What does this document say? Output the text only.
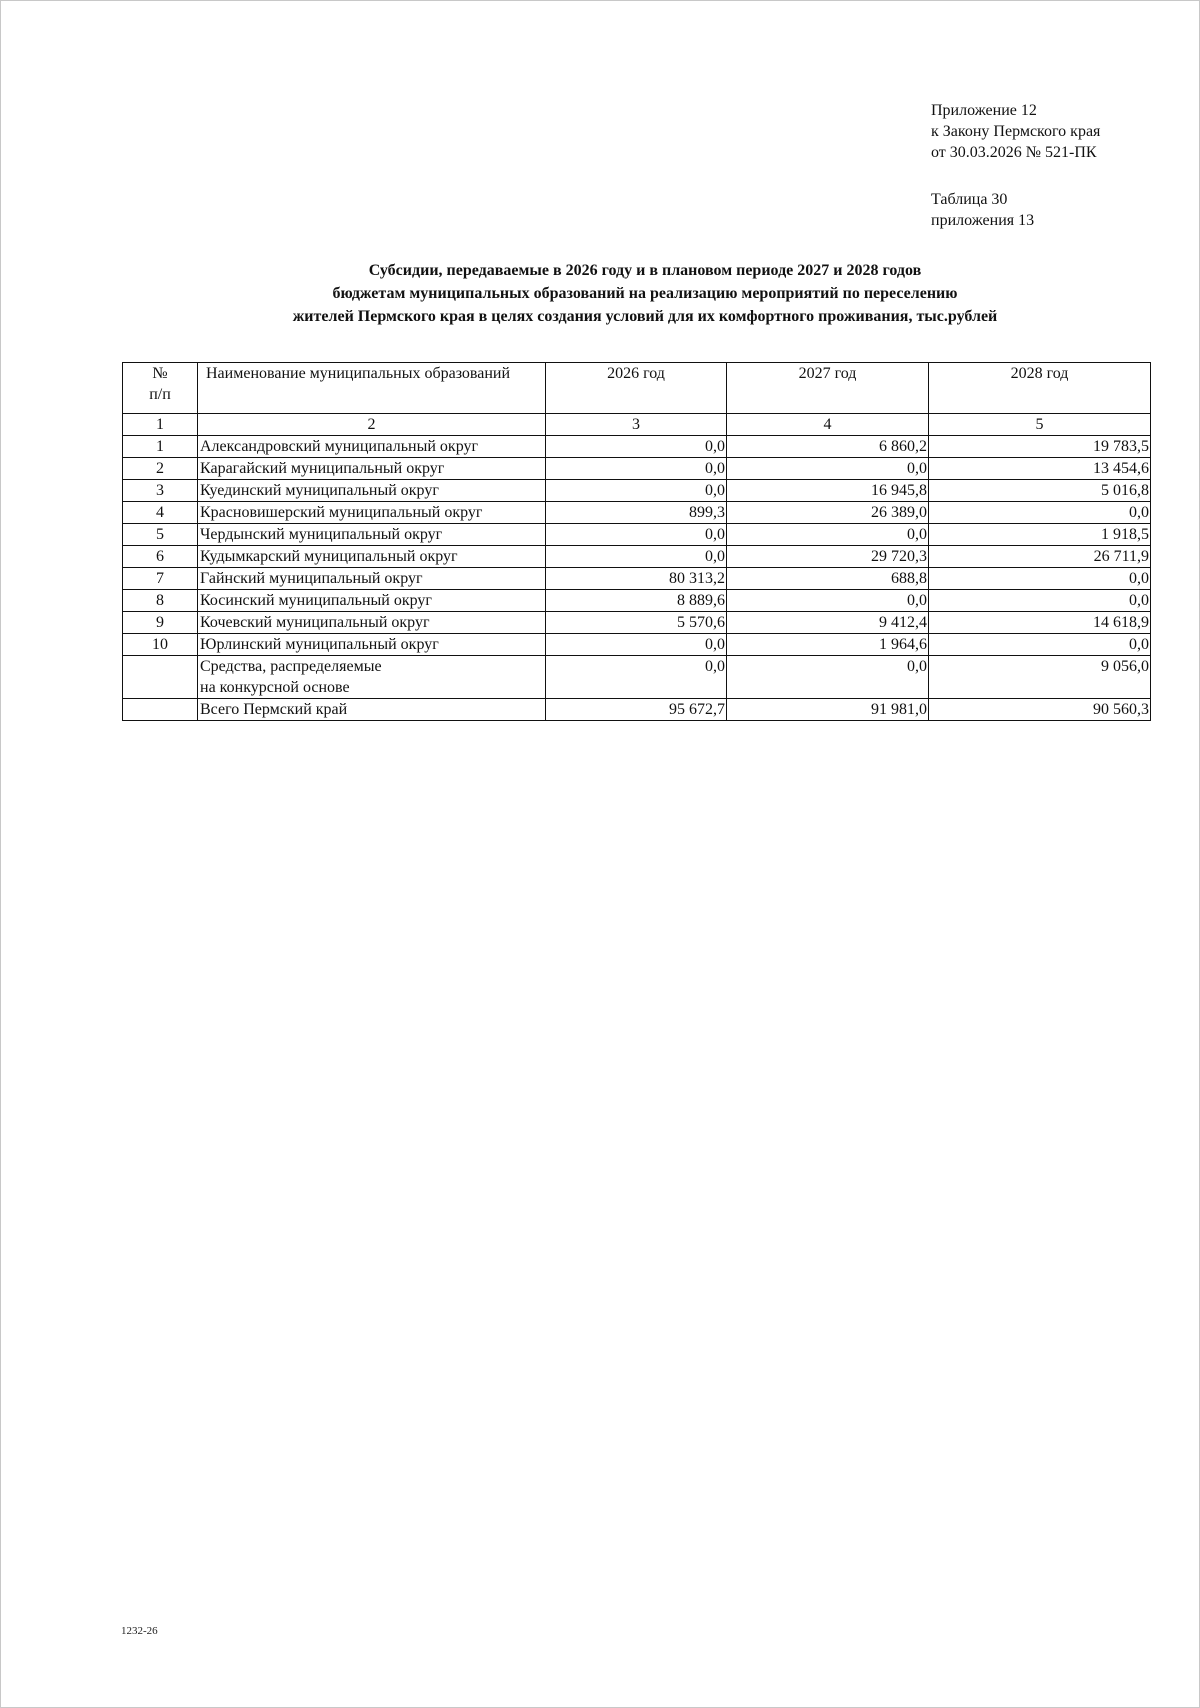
Приложение 12
к Закону Пермского края
от 30.03.2026 № 521-ПК
Таблица 30
приложения 13
Субсидии, передаваемые в 2026 году и в плановом периоде 2027 и 2028 годов
бюджетам муниципальных образований на реализацию мероприятий по переселению
жителей Пермского края в целях создания условий для их комфортного проживания, тыс.рублей
№
п/п	Наименование муниципальных образований	2026 год	2027 год	2028 год
1	2	3	4	5
1	Александровский муниципальный округ	0,0	6 860,2	19 783,5
2	Карагайский муниципальный округ	0,0	0,0	13 454,6
3	Куединский муниципальный округ	0,0	16 945,8	5 016,8
4	Красновишерский муниципальный округ	899,3	26 389,0	0,0
5	Чердынский муниципальный округ	0,0	0,0	1 918,5
6	Кудымкарский муниципальный округ	0,0	29 720,3	26 711,9
7	Гайнский муниципальный округ	80 313,2	688,8	0,0
8	Косинский муниципальный округ	8 889,6	0,0	0,0
9	Кочевский муниципальный округ	5 570,6	9 412,4	14 618,9
10	Юрлинский муниципальный округ	0,0	1 964,6	0,0

	Средства, распределяемые
на конкурсной основе	0,0	0,0	9 056,0
	Всего Пермский край	95 672,7	91 981,0	90 560,3
1232-26
